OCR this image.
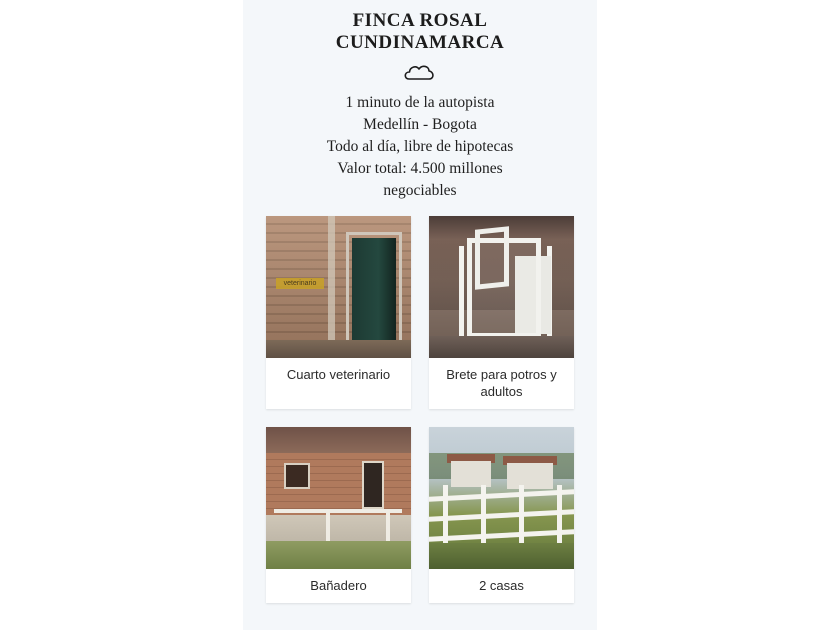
FINCA ROSAL
CUNDINAMARCA
1 minuto de la autopista
Medellín - Bogota
Todo al día, libre de hipotecas
Valor total: 4.500 millones
negociables
veterinario
Cuarto veterinario	Brete para potros y adultos
Bañadero	2 casas
